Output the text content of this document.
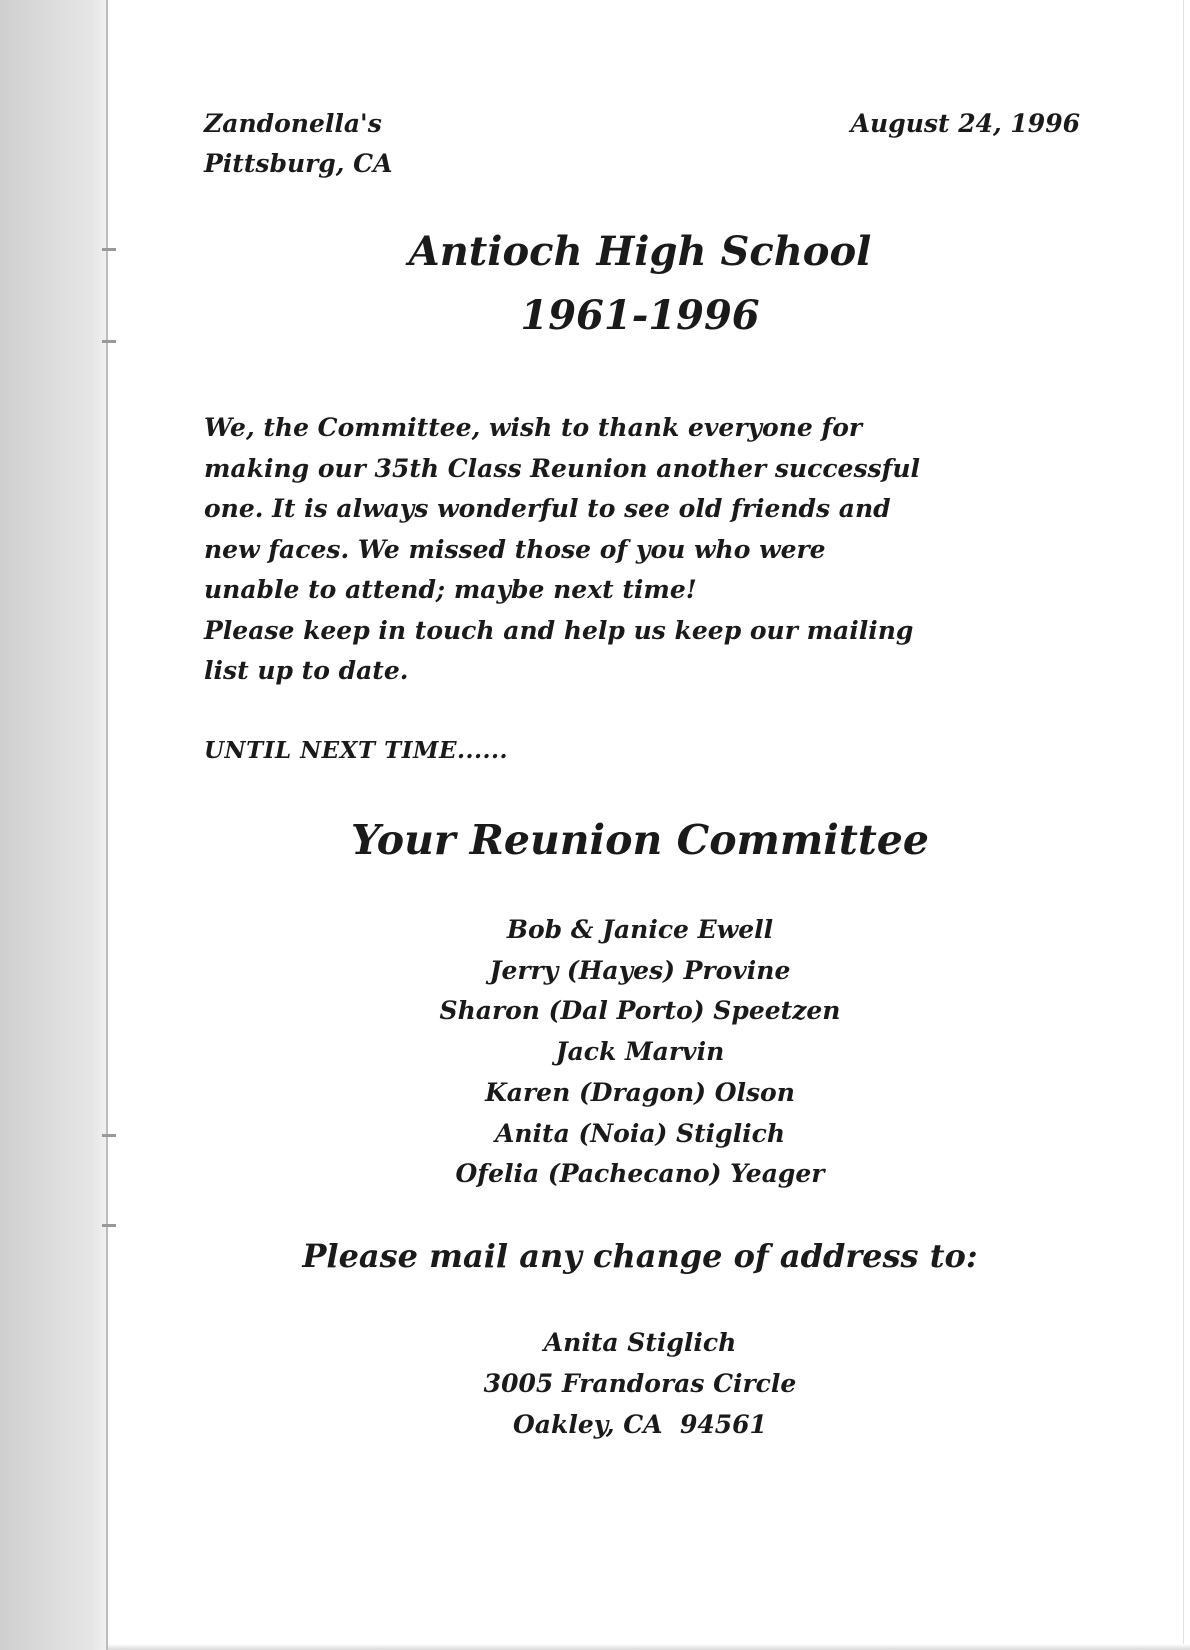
Zandonella's
Pittsburg, CA
August 24, 1996
Antioch High School
1961-1996

We, the Committee, wish to thank everyone for

making our 35th Class Reunion another successful

one. It is always wonderful to see old friends and

new faces. We missed those of you who were

unable to attend; maybe next time!

Please keep in touch and help us keep our mailing

list up to date.

UNTIL NEXT TIME......
Your Reunion Committee
Bob & Janice Ewell
Jerry (Hayes) Provine
Sharon (Dal Porto) Speetzen
Jack Marvin
Karen (Dragon) Olson
Anita (Noia) Stiglich
Ofelia (Pachecano) Yeager
Please mail any change of address to:
Anita Stiglich
3005 Frandoras Circle
Oakley, CA  94561
